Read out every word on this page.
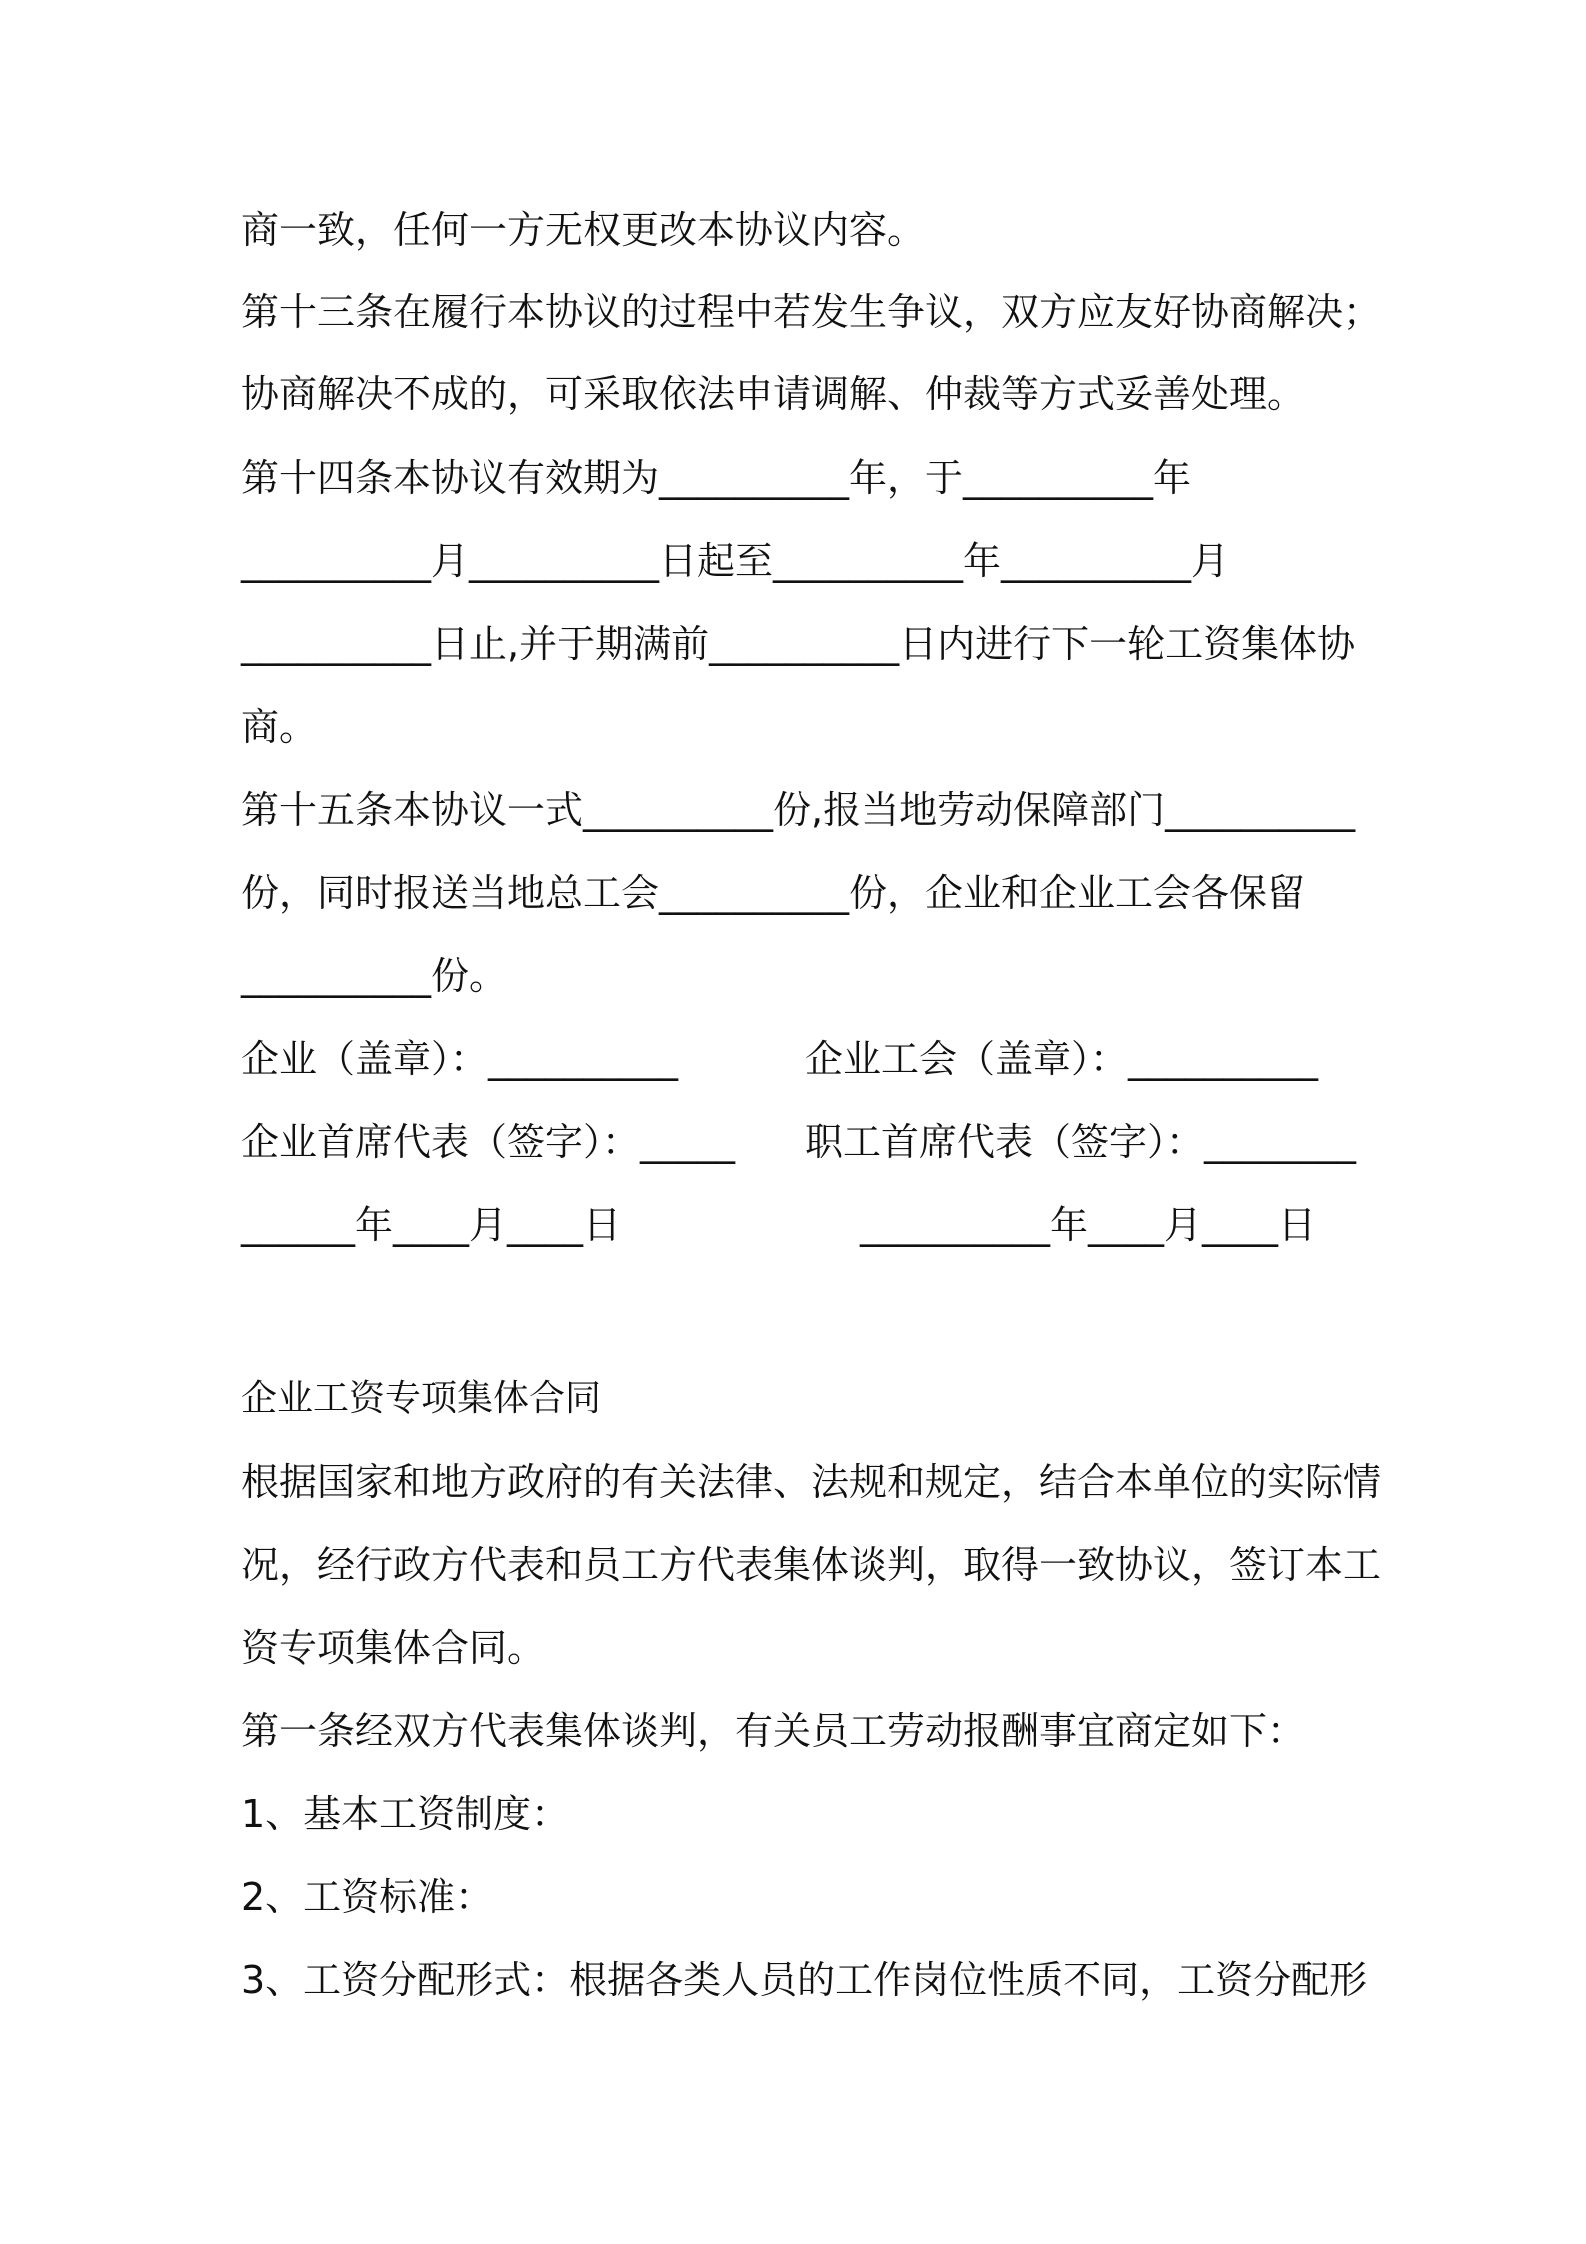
商一致，任何一方无权更改本协议内容。
第十三条在履行本协议的过程中若发生争议，双方应友好协商解决；
协商解决不成的，可采取依法申请调解、仲裁等方式妥善处理。
第十四条本协议有效期为__________年，于__________年
__________月__________日起至__________年__________月
__________日止,并于期满前__________日内进行下一轮工资集体协
商。
第十五条本协议一式__________份,报当地劳动保障部门__________
份，同时报送当地总工会__________份，企业和企业工会各保留
__________份。
企业（盖章）：__________	企业工会（盖章）：__________
企业首席代表（签字）：_____ 职工首席代表（签字）：________
______年____月____日	__________年____月____日
企业工资专项集体合同
根据国家和地方政府的有关法律、法规和规定，结合本单位的实际情
况，经行政方代表和员工方代表集体谈判，取得一致协议，签订本工
资专项集体合同。
第一条经双方代表集体谈判，有关员工劳动报酬事宜商定如下：
1、基本工资制度：
2、工资标准：
3、工资分配形式：根据各类人员的工作岗位性质不同，工资分配形
